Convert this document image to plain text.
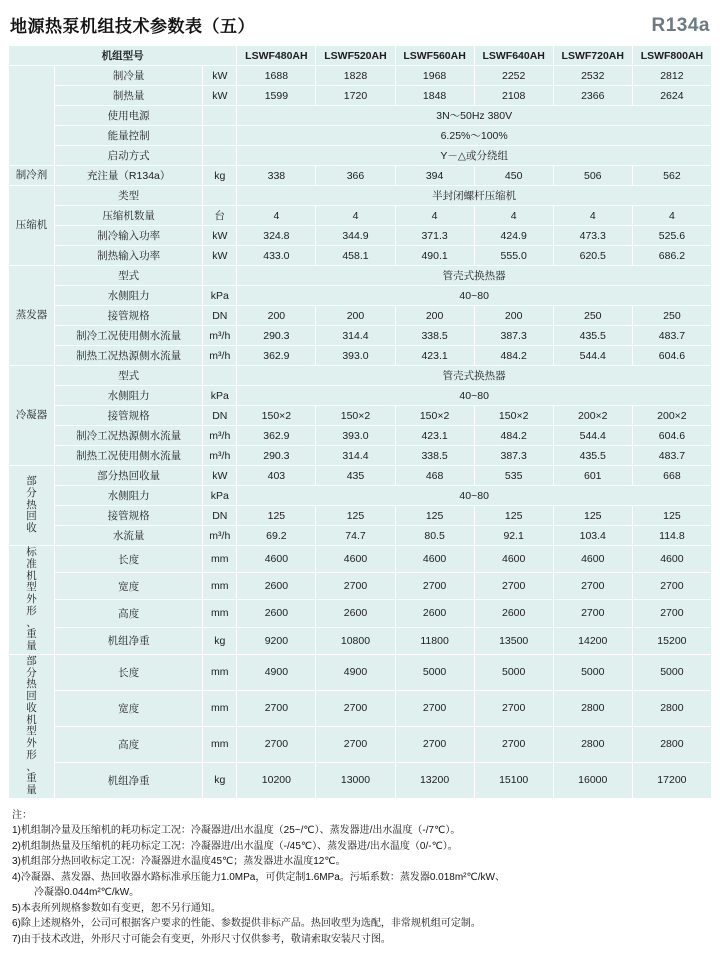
地源热泵机组技术参数表（五）	R134a
机组型号			LSWF480AH	LSWF520AH	LSWF560AH	LSWF640AH	LSWF720AH	LSWF800AH
	制冷量	kW	1688	1828	1968	2252	2532	2812
	制热量	kW	1599	1720	1848	2108	2366	2624
	使用电源		3N～50Hz 380V					
	能量控制		6.25%～100%					
	启动方式		Y－△或分绕组					
制冷剂	充注量（R134a）	kg	338	366	394	450	506	562
压缩机	类型		半封闭螺杆压缩机					
	压缩机数量	台	4	4	4	4	4	4
	制冷输入功率	kW	324.8	344.9	371.3	424.9	473.3	525.6
	制热输入功率	kW	433.0	458.1	490.1	555.0	620.5	686.2
蒸发器	型式		管壳式换热器					
	水侧阻力	kPa	40~80					
	接管规格	DN	200	200	200	200	250	250
	制冷工况使用侧水流量	m³/h	290.3	314.4	338.5	387.3	435.5	483.7
	制热工况热源侧水流量	m³/h	362.9	393.0	423.1	484.2	544.4	604.6
冷凝器	型式		管壳式换热器					
	水侧阻力	kPa	40~80					
	接管规格	DN	150×2	150×2	150×2	150×2	200×2	200×2
	制冷工况热源侧水流量	m³/h	362.9	393.0	423.1	484.2	544.4	604.6
	制热工况使用侧水流量	m³/h	290.3	314.4	338.5	387.3	435.5	483.7
部
分
热
回
收	部分热回收量	kW	403	435	468	535	601	668
	水侧阻力	kPa	40~80					
	接管规格	DN	125	125	125	125	125	125
	水流量	m³/h	69.2	74.7	80.5	92.1	103.4	114.8
标
准
机
型
外
形
、
重
量	长度	mm	4600	4600	4600	4600	4600	4600
	宽度	mm	2600	2700	2700	2700	2700	2700
	高度	mm	2600	2600	2600	2600	2700	2700
	机组净重	kg	9200	10800	11800	13500	14200	15200
部
分
热
回
收
机
型
外
形
、
重
量	长度	mm	4900	4900	5000	5000	5000	5000
	宽度	mm	2700	2700	2700	2700	2800	2800
	高度	mm	2700	2700	2700	2700	2800	2800
	机组净重	kg	10200	13000	13200	15100	16000	17200
注：
1)机组制冷量及压缩机的耗功标定工况：冷凝器进/出水温度（25~/℃）、蒸发器进/出水温度（-/7℃）。
2)机组制热量及压缩机的耗功标定工况：冷凝器进/出水温度（-/45℃）、蒸发器进/出水温度（0/-℃）。
3)机组部分热回收标定工况：冷凝器进水温度45℃；蒸发器进水温度12℃。
4)冷凝器、蒸发器、热回收器水路标准承压能力1.0MPa，可供定制1.6MPa。污垢系数：蒸发器0.018m²℃/kW、
冷凝器0.044m²℃/kW。
5)本表所列规格参数如有变更，恕不另行通知。
6)除上述规格外，公司可根据客户要求的性能、参数提供非标产品。热回收型为选配，非常规机组可定制。
7)由于技术改进，外形尺寸可能会有变更，外形尺寸仅供参考，敬请索取安装尺寸图。
